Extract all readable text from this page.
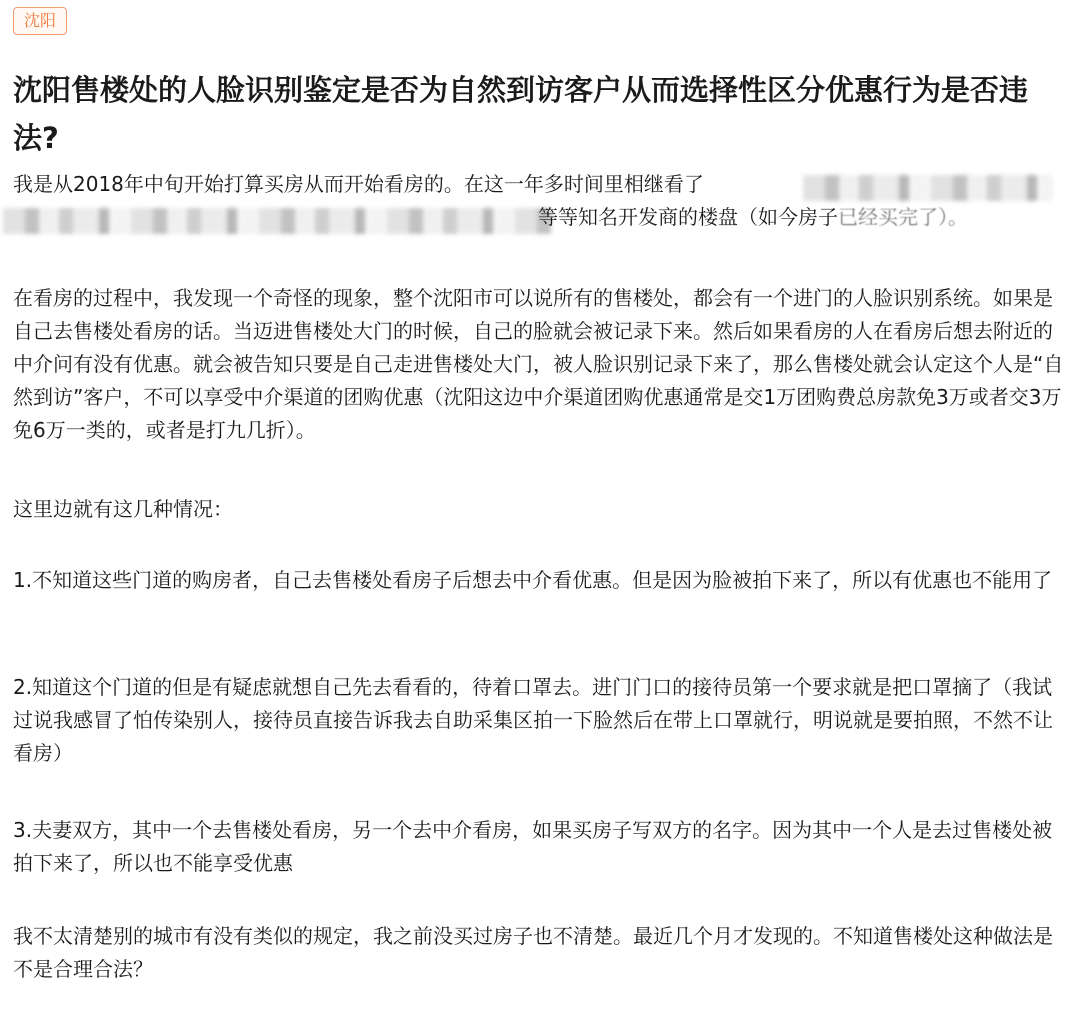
沈阳
沈阳售楼处的人脸识别鉴定是否为自然到访客户从而选择性区分优惠行为是否违法?

我是从2018年中旬开始打算买房从而开始看房的。在这一年多时间里相继看了

等等知名开发商的楼盘（如今房子已经买完了）。

在看房的过程中，我发现一个奇怪的现象，整个沈阳市可以说所有的售楼处，都会有一个进门的人脸识别系统。如果是自己去售楼处看房的话。当迈进售楼处大门的时候，自己的脸就会被记录下来。然后如果看房的人在看房后想去附近的中介问有没有优惠。就会被告知只要是自己走进售楼处大门，被人脸识别记录下来了，那么售楼处就会认定这个人是“自然到访”客户，不可以享受中介渠道的团购优惠（沈阳这边中介渠道团购优惠通常是交1万团购费总房款免3万或者交3万免6万一类的，或者是打九几折）。

这里边就有这几种情况：

1.不知道这些门道的购房者，自己去售楼处看房子后想去中介看优惠。但是因为脸被拍下来了，所以有优惠也不能用了

2.知道这个门道的但是有疑虑就想自己先去看看的，待着口罩去。进门门口的接待员第一个要求就是把口罩摘了（我试过说我感冒了怕传染别人，接待员直接告诉我去自助采集区拍一下脸然后在带上口罩就行，明说就是要拍照，不然不让看房）

3.夫妻双方，其中一个去售楼处看房，另一个去中介看房，如果买房子写双方的名字。因为其中一个人是去过售楼处被拍下来了，所以也不能享受优惠

我不太清楚别的城市有没有类似的规定，我之前没买过房子也不清楚。最近几个月才发现的。不知道售楼处这种做法是不是合理合法？
